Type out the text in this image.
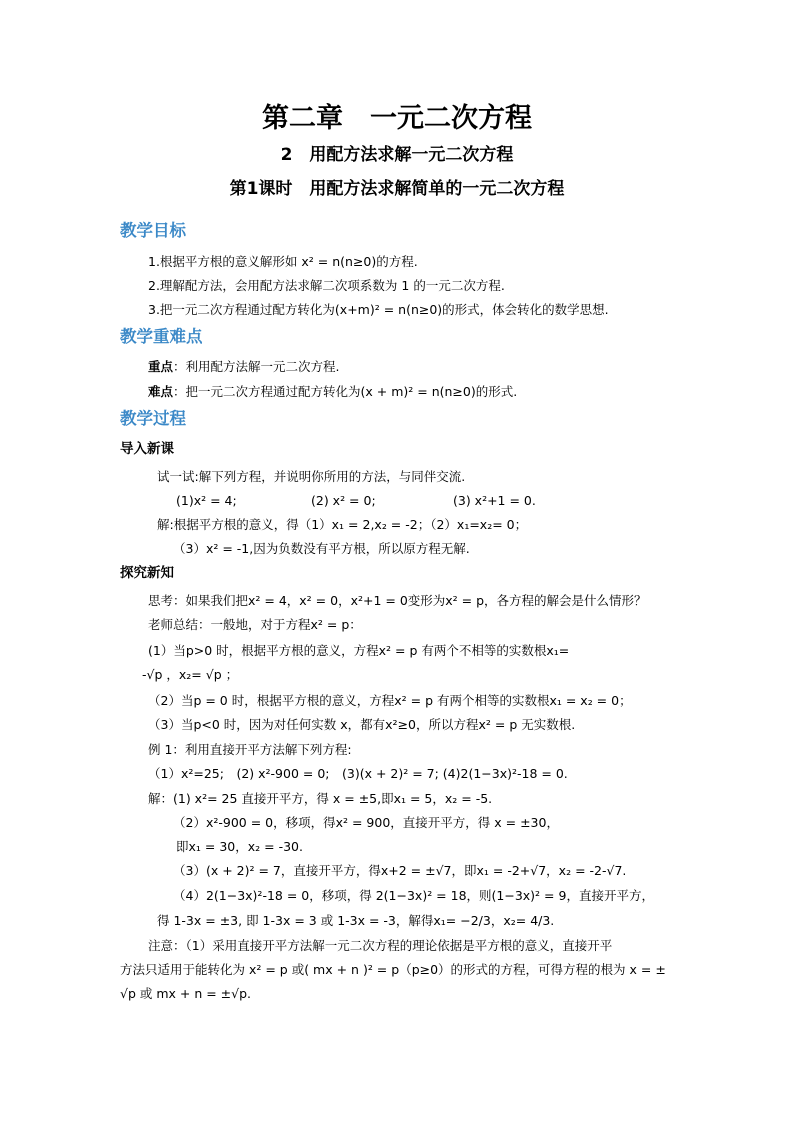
第二章　一元二次方程
2　用配方法求解一元二次方程
第1课时　用配方法求解简单的一元二次方程
教学目标
1.根据平方根的意义解形如 x² = n(n≥0)的方程.
2.理解配方法，会用配方法求解二次项系数为 1 的一元二次方程.
3.把一元二次方程通过配方转化为(x+m)² = n(n≥0)的形式，体会转化的数学思想.
教学重难点
重点：利用配方法解一元二次方程.
难点：把一元二次方程通过配方转化为(x + m)² = n(n≥0)的形式.
教学过程
导入新课
试一试:解下列方程，并说明你所用的方法，与同伴交流.
(1)x² = 4;	(2) x² = 0;	(3) x²+1 = 0.
解:根据平方根的意义，得（1）x₁ = 2,x₂ = -2；（2）x₁=x₂= 0；
（3）x² = -1,因为负数没有平方根，所以原方程无解.
探究新知
思考：如果我们把x² = 4，x² = 0，x²+1 = 0变形为x² = p，各方程的解会是什么情形？
老师总结：一般地，对于方程x² = p：
(1）当p>0 时，根据平方根的意义，方程x² = p 有两个不相等的实数根x₁=
-√p ，x₂= √p ；
（2）当p = 0 时，根据平方根的意义，方程x² = p 有两个相等的实数根x₁ = x₂ = 0；
（3）当p<0 时，因为对任何实数 x，都有x²≥0，所以方程x² = p 无实数根.
例 1：利用直接开平方法解下列方程:
（1）x²=25;　(2) x²-900 = 0;　(3)(x + 2)² = 7; (4)2(1−3x)²-18 = 0.
解：(1) x²= 25 直接开平方，得 x = ±5,即x₁ = 5，x₂ = -5.
（2）x²-900 = 0，移项，得x² = 900，直接开平方，得 x = ±30，
即x₁ = 30，x₂ = -30.
（3）(x + 2)² = 7，直接开平方，得x+2 = ±√7，即x₁ = -2+√7，x₂ = -2-√7.
（4）2(1−3x)²-18 = 0，移项，得 2(1−3x)² = 18，则(1−3x)² = 9，直接开平方，
得 1-3x = ±3, 即 1-3x = 3 或 1-3x = -3，解得x₁= −2/3，x₂= 4/3.
注意：（1）采用直接开平方法解一元二次方程的理论依据是平方根的意义，直接开平
方法只适用于能转化为 x² = p 或( mx + n )² = p（p≥0）的形式的方程，可得方程的根为 x = ±
√p 或 mx + n = ±√p.
